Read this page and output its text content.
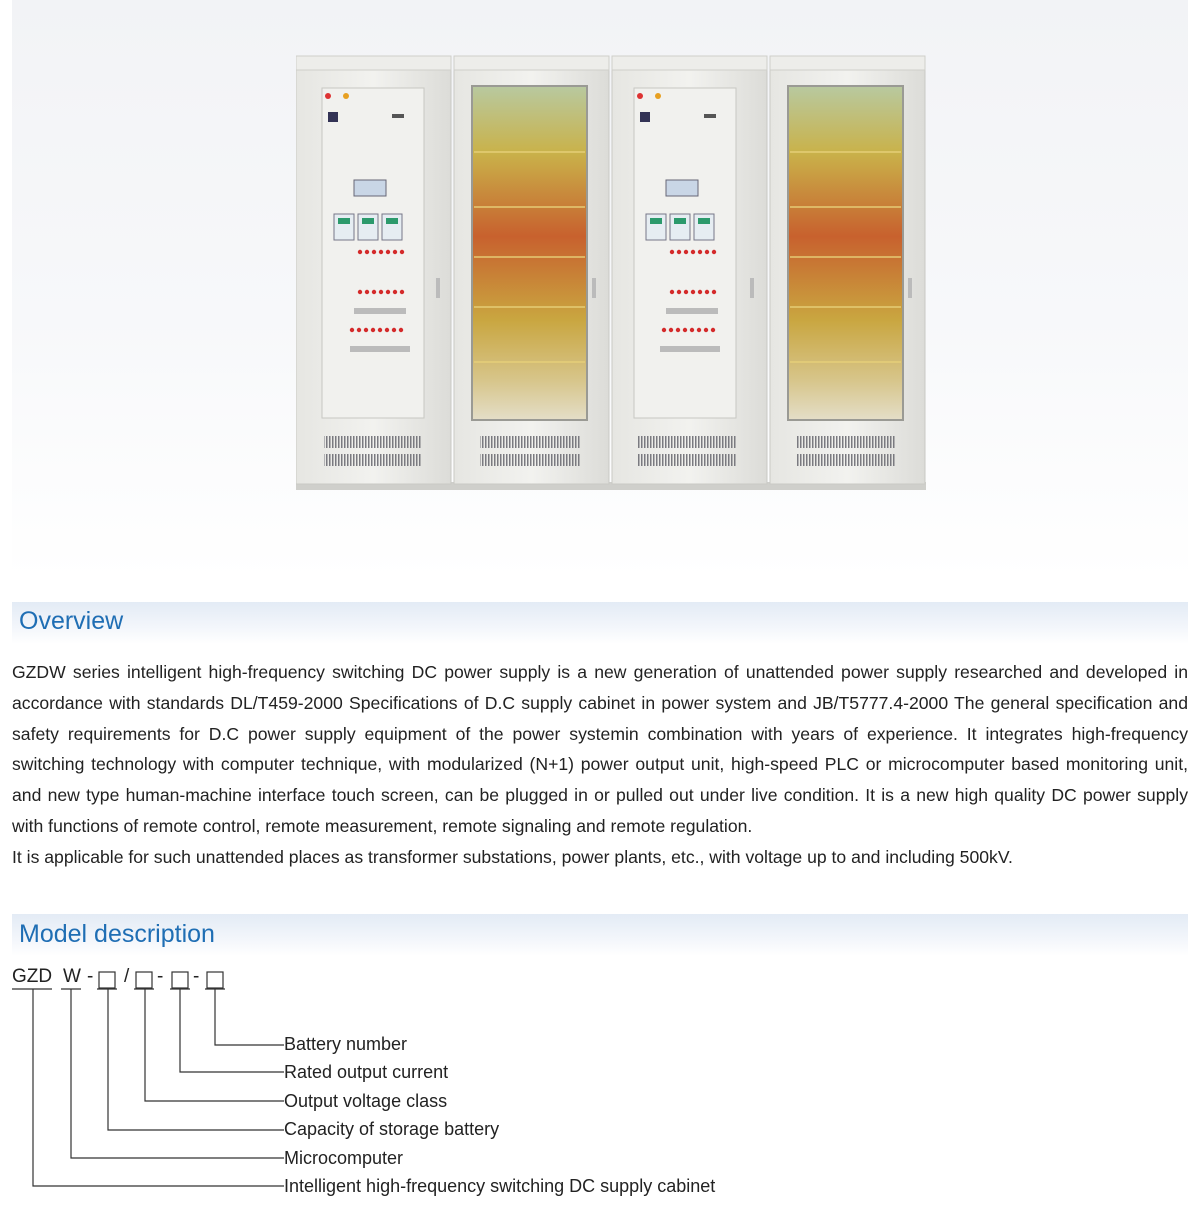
Overview

GZDW series intelligent high-frequency switching DC power supply is a new generation of unattended power supply researched and developed in accordance with standards DL/T459-2000 Specifications of D.C supply cabinet in power system and JB/T5777.4-2000 The general specification and safety requirements for D.C power supply equipment of the power systemin combination with years of experience. It integrates high-frequency switching technology with computer technique, with modularized (N+1) power output unit, high-speed PLC or microcomputer based monitoring unit, and new type human-machine interface touch screen, can be plugged in or pulled out under live condition. It is a new high quality DC power supply with functions of remote control, remote measurement, remote signaling and remote regulation.

It is applicable for such unattended places as transformer substations, power plants, etc., with voltage up to and including 500kV.

Model description
GZD W - / - -
Battery number
Rated output current
Output voltage class
Capacity of storage battery
Microcomputer
Intelligent high-frequency switching DC supply cabinet
